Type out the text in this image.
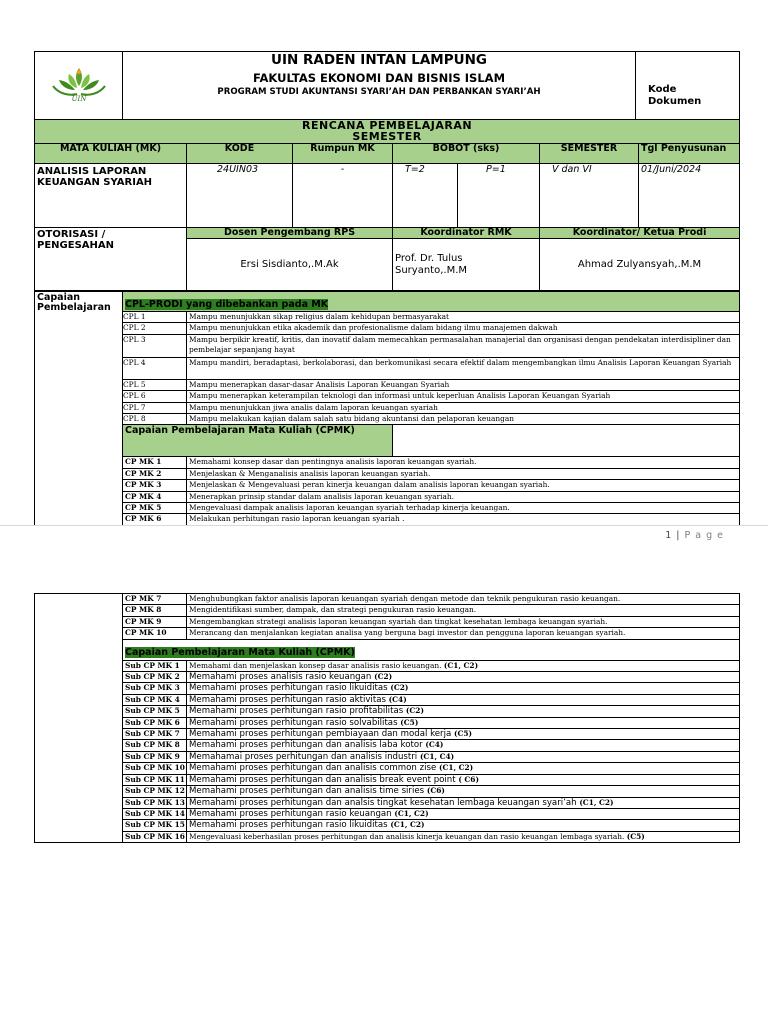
UIN

UIN RADEN INTAN LAMPUNG
FAKULTAS EKONOMI DAN BISNIS ISLAM
PROGRAM STUDI AKUNTANSI SYARI’AH DAN PERBANKAN SYARI’AH	Kode Dokumen
RENCANA PEMBELAJARAN
SEMESTER						

MATA KULIAH (MK)	KODE	Rumpun MK	BOBOT (sks)		SEMESTER	Tgl Penyusunan
ANALISIS LAPORAN KEUANGAN SYARIAH	24UIN03	-	T=2	P=1	V dan VI	01/Juni/2024
OTORISASI / PENGESAHAN	Dosen Pengembang RPS		Koordinator RMK		Koordinator/ Ketua Prodi	
	Ersi Sisdianto,.M.Ak		Prof. Dr. Tulus Suryanto,.M.M		Ahmad Zulyansyah,.M.M	
Capaian Pembelajaran	CPL-PRODI yang dibebankan pada MK		
	CPL 1	Mampu menunjukkan sikap religius dalam kehidupan bermasyarakat	

	CPL 2	Mampu menunjukkan etika akademik dan profesionalisme dalam bidang ilmu manajemen dakwah	

	CPL 3	Mampu berpikir kreatif, kritis, dan inovatif dalam memecahkan permasalahan manajerial dan organisasi dengan pendekatan interdisipliner dan
pembelajar sepanjang hayat	

	CPL 4	Mampu mandiri, beradaptasi, berkolaborasi, dan berkomunikasi secara efektif dalam mengembangkan ilmu Analisis Laporan Keuangan Syariah	

	CPL 5	Mampu menerapkan dasar-dasar Analisis Laporan Keuangan Syariah	

	CPL 6	Mampu menerapkan keterampilan teknologi dan informasi untuk keperluan Analisis Laporan Keuangan Syariah	

	CPL 7	Mampu menunjukkan jiwa analis dalam laporan keuangan syariah	

	CPL 8	Mampu melakukan kajian dalam salah satu bidang akuntansi dan pelaporan keuangan	

	Capaian Pembelajaran Mata Kuliah (CPMK)		
	CP MK 1	Memahami konsep dasar dan pentingnya analisis laporan keuangan syariah.	
	CP MK 2	Menjelaskan & Menganalisis analisis laporan keuangan syariah.	
	CP MK 3	Menjelaskan & Mengevaluasi peran kinerja keuangan dalam analisis laporan keuangan syariah.	
	CP MK 4	Menerapkan prinsip standar dalam analisis laporan keuangan syariah.	
	CP MK 5	Mengevaluasi dampak analisis laporan keuangan syariah terhadap kinerja keuangan.	
	CP MK 6	Melakukan perhitungan rasio laporan keuangan syariah .	
1 | P a g e
	CP MK 7	Menghubungkan faktor analisis laporan keuangan syariah dengan metode dan teknik pengukuran rasio keuangan.
	CP MK 8	Mengidentifikasi sumber, dampak, dan strategi pengukuran rasio keuangan.
	CP MK 9	Mengembangkan strategi analisis laporan keuangan syariah dan tingkat kesehatan lembaga keuangan syariah.
	CP MK 10	Merancang dan menjalankan kegiatan analisa yang berguna bagi investor dan pengguna laporan keuangan syariah.
	Capaian Pembelajaran Mata Kuliah (CPMK)	
	Sub CP MK 1	Memahami dan menjelaskan konsep dasar analisis rasio keuangan. (C1, C2)
	Sub CP MK 2	Memahami proses analisis rasio keuangan (C2)
	Sub CP MK 3	Memahami proses perhitungan rasio likuiditas (C2)
	Sub CP MK 4	Memahami proses perhitungan rasio aktivitas (C4)
	Sub CP MK 5	Memahami proses perhitungan rasio profitabilitas (C2)
	Sub CP MK 6	Memahami proses perhitungan rasio solvabilitas (C5)
	Sub CP MK 7	Memahami proses perhitungan pembiayaan dan modal kerja (C5)
	Sub CP MK 8	Memahami proses perhitungan dan analisis laba kotor (C4)
	Sub CP MK 9	Memahamai proses perhitungan dan analisis industri (C1, C4)
	Sub CP MK 10	Memahami proses perhitungan dan analisis common zise (C1, C2)
	Sub CP MK 11	Memahami proses perhitungan dan analisis break event point ( C6)
	Sub CP MK 12	Memahami proses perhitungan dan analisis time siries (C6)
	Sub CP MK 13	Memahami proses perhitungan dan analsis tingkat kesehatan lembaga keuangan syari’ah (C1, C2)
	Sub CP MK 14	Memahami proses perhitungan rasio keuangan (C1, C2)
	Sub CP MK 15	Memahami proses perhitungan rasio likuiditas (C1, C2)
	Sub CP MK 16	Mengevaluasi keberhasilan proses perhitungan dan analisis kinerja keuangan dan rasio keuangan lembaga syariah. (C5)
